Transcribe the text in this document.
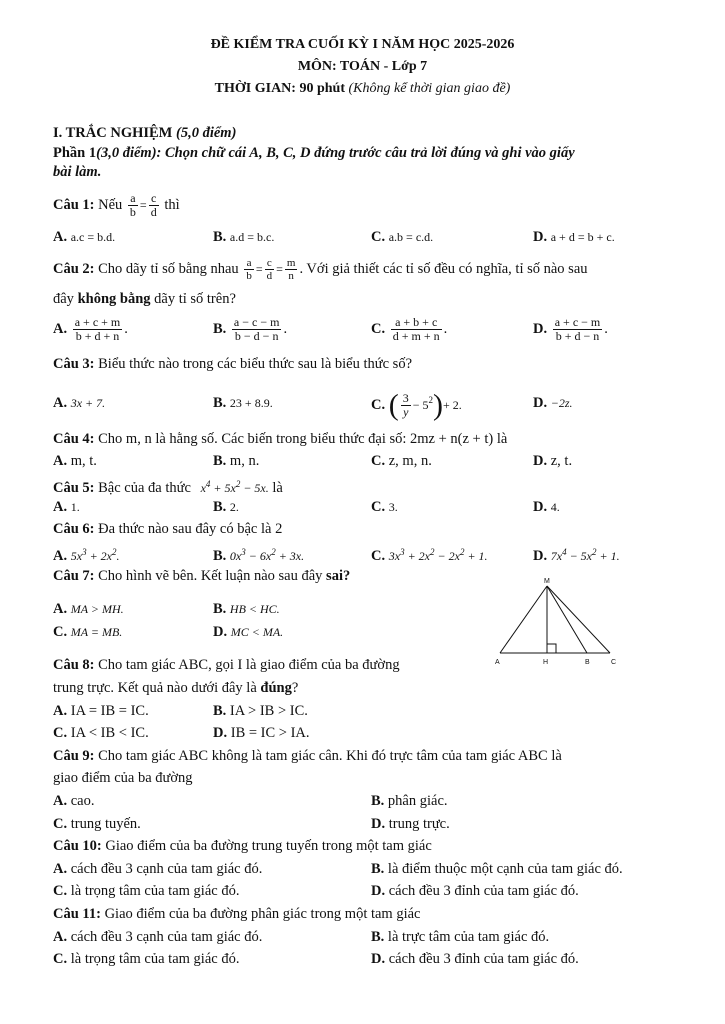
ĐỀ KIỂM TRA CUỐI KỲ I NĂM HỌC 2025-2026
MÔN: TOÁN - Lớp 7
THỜI GIAN: 90 phút (Không kể thời gian giao đề)
I. TRẮC NGHIỆM (5,0 điểm)
Phần 1(3,0 điểm): Chọn chữ cái A, B, C, D đứng trước câu trả lời đúng và ghi vào giấy
bài làm.
Câu 1: Nếu $\frac{a}{b} = \frac{c}{d}$ thì
A. a.c = b.d.	B. a.d = b.c.	C. a.b = c.d.	D. a + d = b + c.
Câu 2: Cho dãy tỉ số bằng nhau $\frac{a}{b} = \frac{c}{d} = \frac{m}{n}$ . Với giả thiết các tỉ số đều có nghĩa, tỉ số nào sau
đây không bằng dãy tỉ số trên?
A. $\frac{a + c + m}{b + d + n}$ .	B. $\frac{a - c - m}{b - d - n}$ .	C. $\frac{a + b + c}{d + m + n}$ .	D. $\frac{a + c - m}{b + d - n}$ .
Câu 3: Biểu thức nào trong các biểu thức sau là biểu thức số?
A. 3x + 7.	B. 23 + 8.9.	C. ( $\frac{3}{y} - 5^2)+ 2$.	D. −2z.
Câu 4: Cho m, n là hằng số. Các biến trong biểu thức đại số: 2mz + n(z + t) là
A. m, t.	B. m, n.	C. z, m, n.	D. z, t.
Câu 5: Bậc của đa thức $x^4 + 5x^2 - 5x$. là
A. 1.	B. 2.	C. 3.	D. 4.
Câu 6: Đa thức nào sau đây có bậc là 2
A. $5x^3 + 2x^2$.	B. $0x^3 - 6x^2 + 3x$.	C. $3x^3 + 2x^2 - 2x^2 + 1$.	D. $7x^4 - 5x^2 + 1$.
Câu 7: Cho hình vẽ bên. Kết luận nào sau đây sai?
A. MA > MH.	B. HB < HC.
C. MA = MB.	D. MC < MA.
M
A	H	B	C
Câu 8: Cho tam giác ABC, gọi I là giao điểm của ba đường
trung trực. Kết quả nào dưới đây là đúng?
A. IA = IB = IC.	B. IA > IB > IC.
C. IA < IB < IC.	D. IB = IC > IA.
Câu 9: Cho tam giác ABC không là tam giác cân. Khi đó trực tâm của tam giác ABC là
giao điểm của ba đường
A. cao.	B. phân giác.
C. trung tuyến.	D. trung trực.
Câu 10: Giao điểm của ba đường trung tuyến trong một tam giác
A. cách đều 3 cạnh của tam giác đó.	B. là điểm thuộc một cạnh của tam giác đó.
C. là trọng tâm của tam giác đó.	D. cách đều 3 đỉnh của tam giác đó.
Câu 11: Giao điểm của ba đường phân giác trong một tam giác
A. cách đều 3 cạnh của tam giác đó.	B. là trực tâm của tam giác đó.
C. là trọng tâm của tam giác đó.	D. cách đều 3 đỉnh của tam giác đó.
